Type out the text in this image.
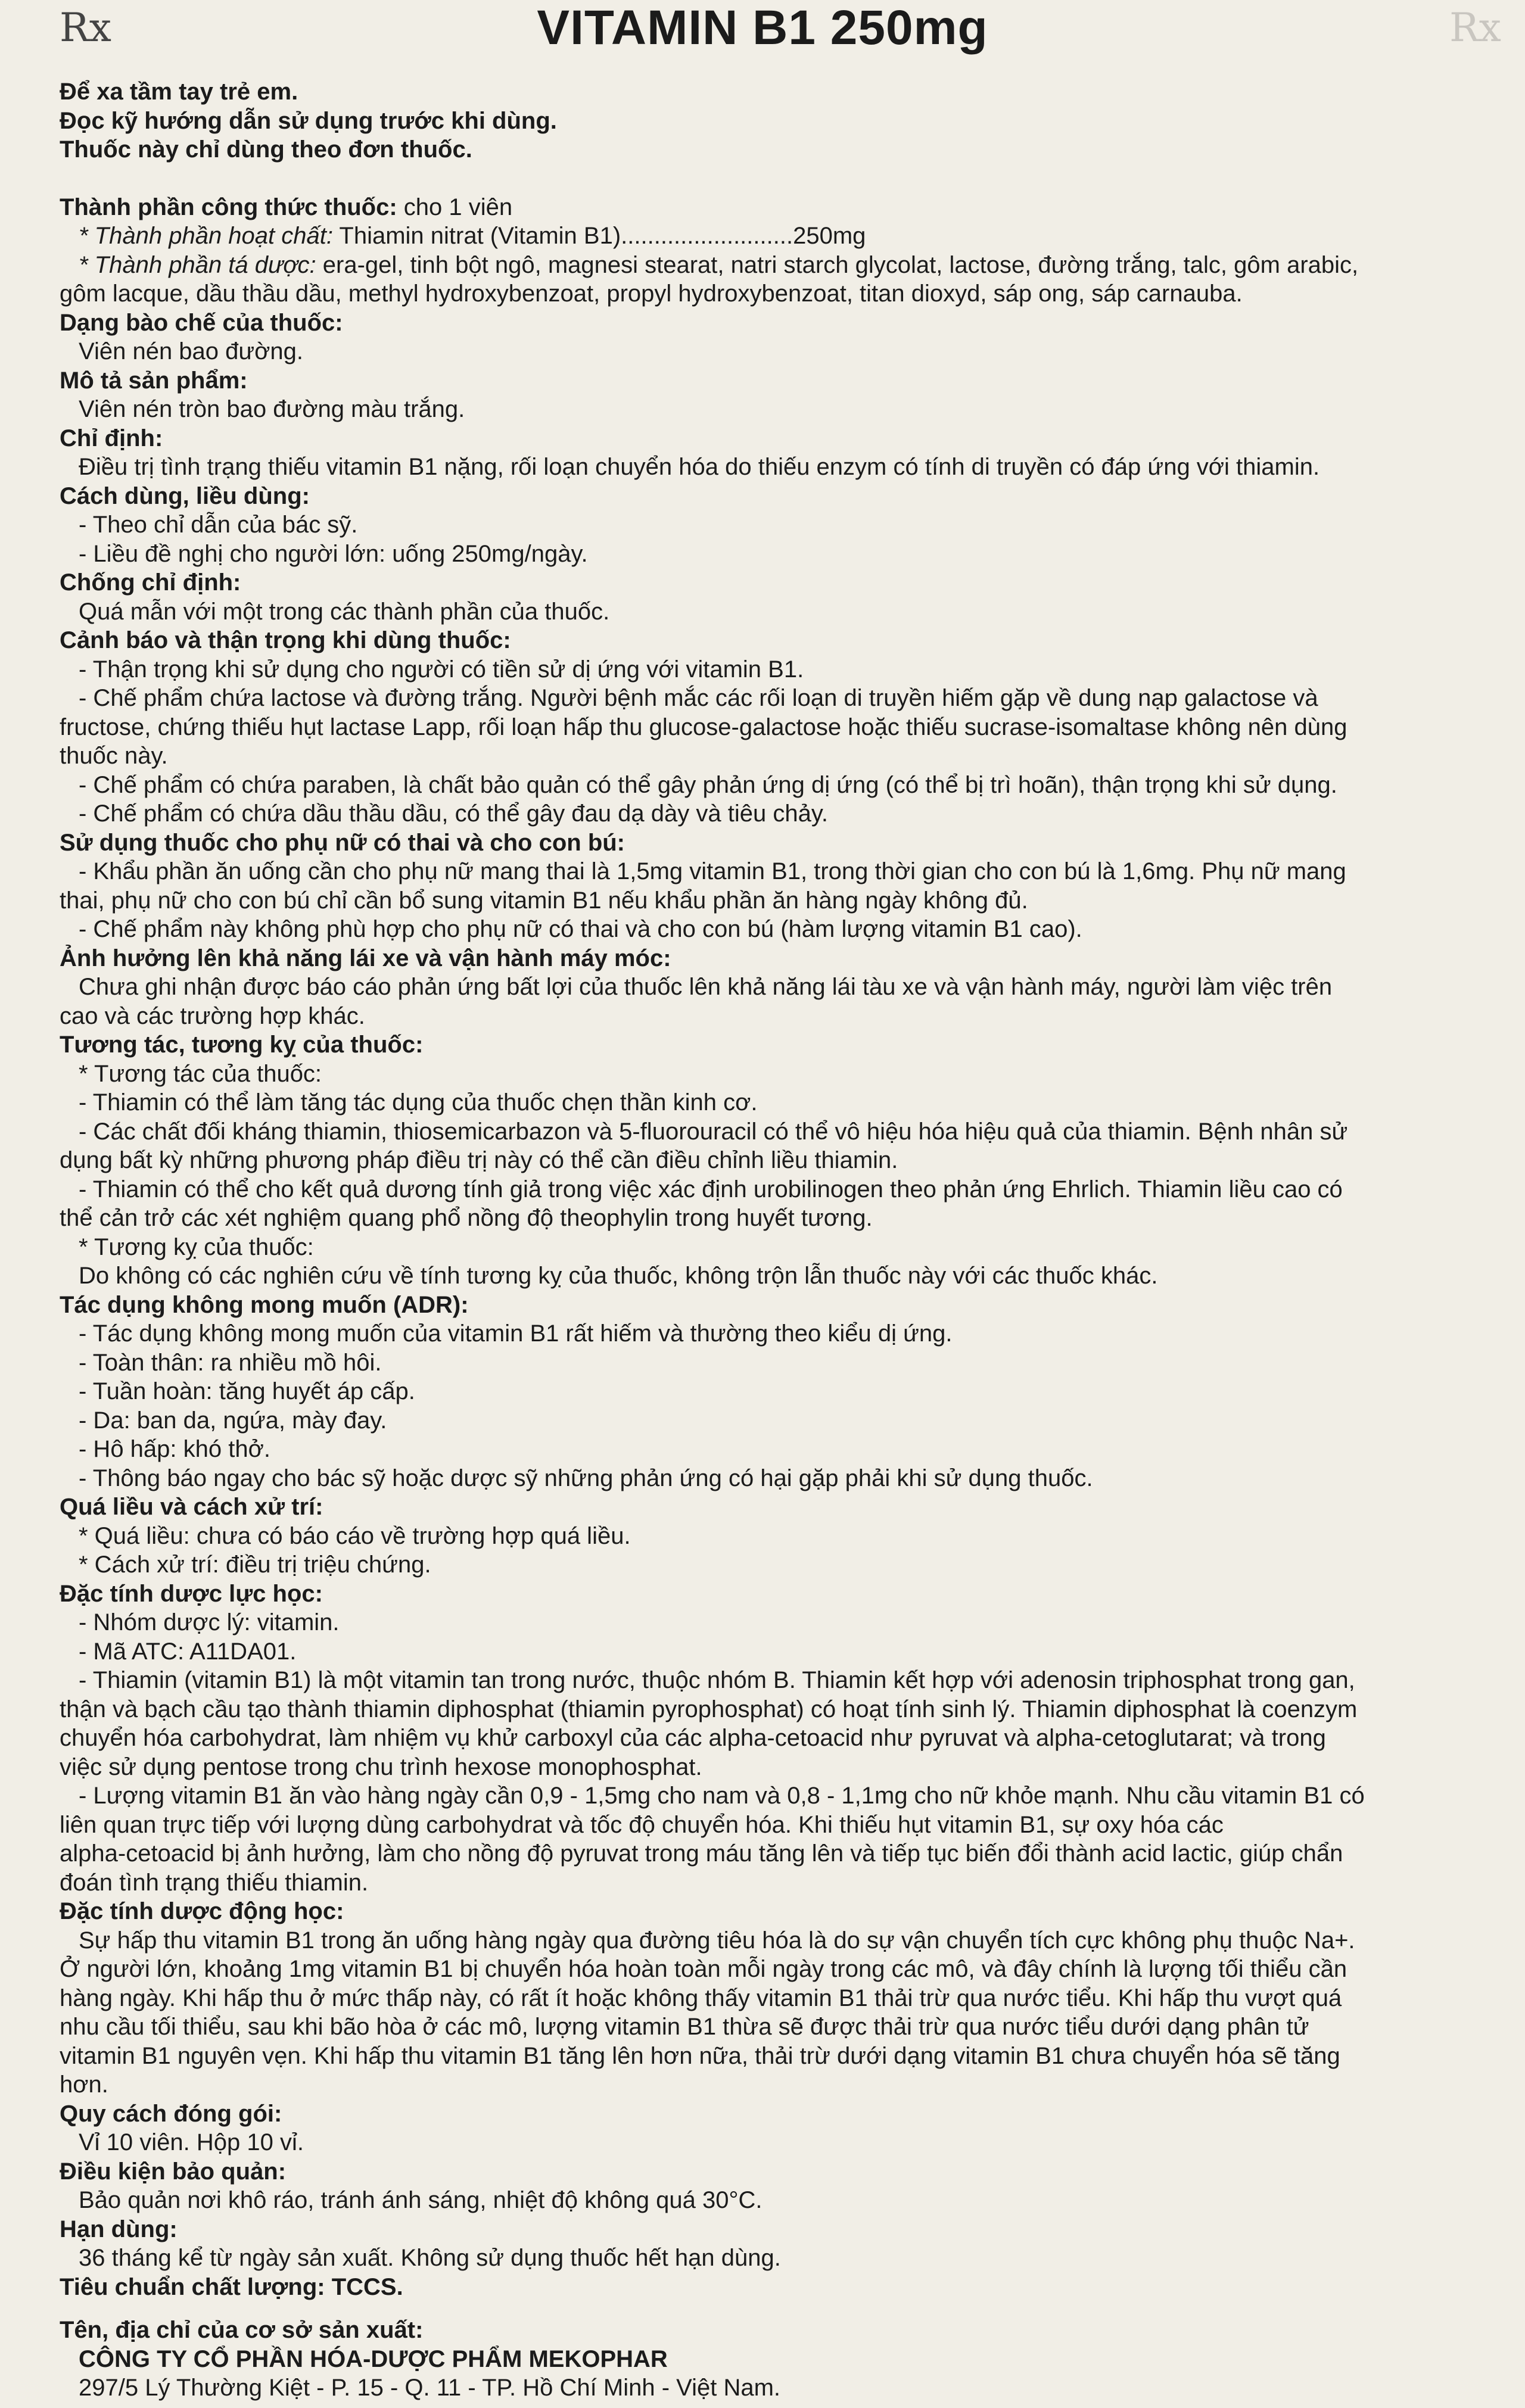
Rx	Rx
VITAMIN B1 250mg
Để xa tầm tay trẻ em.
Đọc kỹ hướng dẫn sử dụng trước khi dùng.
Thuốc này chỉ dùng theo đơn thuốc.
Thành phần công thức thuốc: cho 1 viên
* Thành phần hoạt chất: Thiamin nitrat (Vitamin B1)..........................250mg
* Thành phần tá dược: era-gel, tinh bột ngô, magnesi stearat, natri starch glycolat, lactose, đường trắng, talc, gôm arabic,
gôm lacque, dầu thầu dầu, methyl hydroxybenzoat, propyl hydroxybenzoat, titan dioxyd, sáp ong, sáp carnauba.
Dạng bào chế của thuốc:
Viên nén bao đường.
Mô tả sản phẩm:
Viên nén tròn bao đường màu trắng.
Chỉ định:
Điều trị tình trạng thiếu vitamin B1 nặng, rối loạn chuyển hóa do thiếu enzym có tính di truyền có đáp ứng với thiamin.
Cách dùng, liều dùng:
- Theo chỉ dẫn của bác sỹ.
- Liều đề nghị cho người lớn: uống 250mg/ngày.
Chống chỉ định:
Quá mẫn với một trong các thành phần của thuốc.
Cảnh báo và thận trọng khi dùng thuốc:
- Thận trọng khi sử dụng cho người có tiền sử dị ứng với vitamin B1.
- Chế phẩm chứa lactose và đường trắng. Người bệnh mắc các rối loạn di truyền hiếm gặp về dung nạp galactose và
fructose, chứng thiếu hụt lactase Lapp, rối loạn hấp thu glucose-galactose hoặc thiếu sucrase-isomaltase không nên dùng
thuốc này.
- Chế phẩm có chứa paraben, là chất bảo quản có thể gây phản ứng dị ứng (có thể bị trì hoãn), thận trọng khi sử dụng.
- Chế phẩm có chứa dầu thầu dầu, có thể gây đau dạ dày và tiêu chảy.
Sử dụng thuốc cho phụ nữ có thai và cho con bú:
- Khẩu phần ăn uống cần cho phụ nữ mang thai là 1,5mg vitamin B1, trong thời gian cho con bú là 1,6mg. Phụ nữ mang
thai, phụ nữ cho con bú chỉ cần bổ sung vitamin B1 nếu khẩu phần ăn hàng ngày không đủ.
- Chế phẩm này không phù hợp cho phụ nữ có thai và cho con bú (hàm lượng vitamin B1 cao).
Ảnh hưởng lên khả năng lái xe và vận hành máy móc:
Chưa ghi nhận được báo cáo phản ứng bất lợi của thuốc lên khả năng lái tàu xe và vận hành máy, người làm việc trên
cao và các trường hợp khác.
Tương tác, tương kỵ của thuốc:
* Tương tác của thuốc:
- Thiamin có thể làm tăng tác dụng của thuốc chẹn thần kinh cơ.
- Các chất đối kháng thiamin, thiosemicarbazon và 5-fluorouracil có thể vô hiệu hóa hiệu quả của thiamin. Bệnh nhân sử
dụng bất kỳ những phương pháp điều trị này có thể cần điều chỉnh liều thiamin.
- Thiamin có thể cho kết quả dương tính giả trong việc xác định urobilinogen theo phản ứng Ehrlich. Thiamin liều cao có
thể cản trở các xét nghiệm quang phổ nồng độ theophylin trong huyết tương.
* Tương kỵ của thuốc:
Do không có các nghiên cứu về tính tương kỵ của thuốc, không trộn lẫn thuốc này với các thuốc khác.
Tác dụng không mong muốn (ADR):
- Tác dụng không mong muốn của vitamin B1 rất hiếm và thường theo kiểu dị ứng.
- Toàn thân: ra nhiều mồ hôi.
- Tuần hoàn: tăng huyết áp cấp.
- Da: ban da, ngứa, mày đay.
- Hô hấp: khó thở.
- Thông báo ngay cho bác sỹ hoặc dược sỹ những phản ứng có hại gặp phải khi sử dụng thuốc.
Quá liều và cách xử trí:
* Quá liều: chưa có báo cáo về trường hợp quá liều.
* Cách xử trí: điều trị triệu chứng.
Đặc tính dược lực học:
- Nhóm dược lý: vitamin.
- Mã ATC: A11DA01.
- Thiamin (vitamin B1) là một vitamin tan trong nước, thuộc nhóm B. Thiamin kết hợp với adenosin triphosphat trong gan,
thận và bạch cầu tạo thành thiamin diphosphat (thiamin pyrophosphat) có hoạt tính sinh lý. Thiamin diphosphat là coenzym
chuyển hóa carbohydrat, làm nhiệm vụ khử carboxyl của các alpha-cetoacid như pyruvat và alpha-cetoglutarat; và trong
việc sử dụng pentose trong chu trình hexose monophosphat.
- Lượng vitamin B1 ăn vào hàng ngày cần 0,9 - 1,5mg cho nam và 0,8 - 1,1mg cho nữ khỏe mạnh. Nhu cầu vitamin B1 có
liên quan trực tiếp với lượng dùng carbohydrat và tốc độ chuyển hóa. Khi thiếu hụt vitamin B1, sự oxy hóa các
alpha-cetoacid bị ảnh hưởng, làm cho nồng độ pyruvat trong máu tăng lên và tiếp tục biến đổi thành acid lactic, giúp chẩn
đoán tình trạng thiếu thiamin.
Đặc tính dược động học:
Sự hấp thu vitamin B1 trong ăn uống hàng ngày qua đường tiêu hóa là do sự vận chuyển tích cực không phụ thuộc Na+.
Ở người lớn, khoảng 1mg vitamin B1 bị chuyển hóa hoàn toàn mỗi ngày trong các mô, và đây chính là lượng tối thiểu cần
hàng ngày. Khi hấp thu ở mức thấp này, có rất ít hoặc không thấy vitamin B1 thải trừ qua nước tiểu. Khi hấp thu vượt quá
nhu cầu tối thiểu, sau khi bão hòa ở các mô, lượng vitamin B1 thừa sẽ được thải trừ qua nước tiểu dưới dạng phân tử
vitamin B1 nguyên vẹn. Khi hấp thu vitamin B1 tăng lên hơn nữa, thải trừ dưới dạng vitamin B1 chưa chuyển hóa sẽ tăng
hơn.
Quy cách đóng gói:
Vỉ 10 viên. Hộp 10 vỉ.
Điều kiện bảo quản:
Bảo quản nơi khô ráo, tránh ánh sáng, nhiệt độ không quá 30°C.
Hạn dùng:
36 tháng kể từ ngày sản xuất. Không sử dụng thuốc hết hạn dùng.
Tiêu chuẩn chất lượng: TCCS.
Tên, địa chỉ của cơ sở sản xuất:
CÔNG TY CỔ PHẦN HÓA-DƯỢC PHẨM MEKOPHAR
297/5 Lý Thường Kiệt - P. 15 - Q. 11 - TP. Hồ Chí Minh - Việt Nam.
